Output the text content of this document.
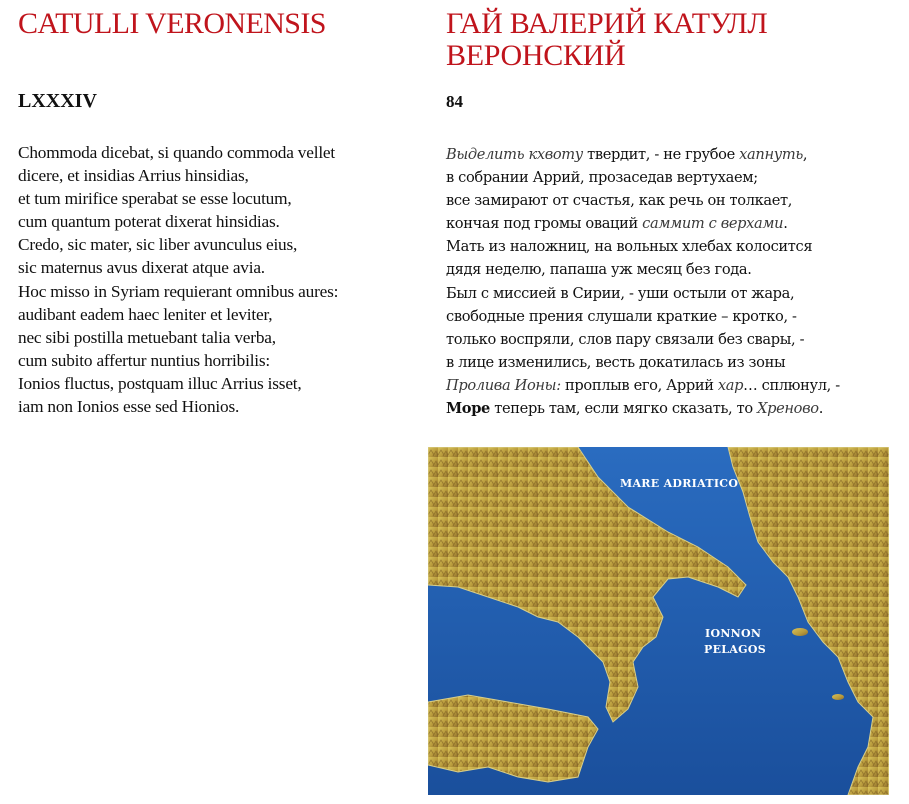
CATULLI VERONENSIS
LXXXIV
Chommoda dicebat, si quando commoda vellet
dicere, et insidias Arrius hinsidias,
et tum mirifice sperabat se esse locutum,
cum quantum poterat dixerat hinsidias.
Credo, sic mater, sic liber avunculus eius,
sic maternus avus dixerat atque avia.
Hoc misso in Syriam requierant omnibus aures:
audibant eadem haec leniter et leviter,
nec sibi postilla metuebant talia verba,
cum subito affertur nuntius horribilis:
Ionios fluctus, postquam illuc Arrius isset,
iam non Ionios esse sed Hionios.
ГАЙ ВАЛЕРИЙ КАТУЛЛ
ВЕРОНСКИЙ
84
Выделить кхвоту твердит, - не грубое хапнуть,
в собрании Аррий, прозаседав вертухаем;
все замирают от счастья, как речь он толкает,
кончая под громы оваций саммит с верхами.
Мать из наложниц, на вольных хлебах колосится
дядя неделю, папаша уж месяц без года.
Был с миссией в Сирии, - уши остыли от жара,
свободные прения слушали краткие – кротко, -
только воспряли, слов пару связали без свары, -
в лице изменились, весть докатилась из зоны
Пролива Ионы: проплыв его, Аррий хар… сплюнул, -
Море теперь там, если мягко сказать, то Хреново.
MARE ADRIATICO
IONNON
PELAGOS
